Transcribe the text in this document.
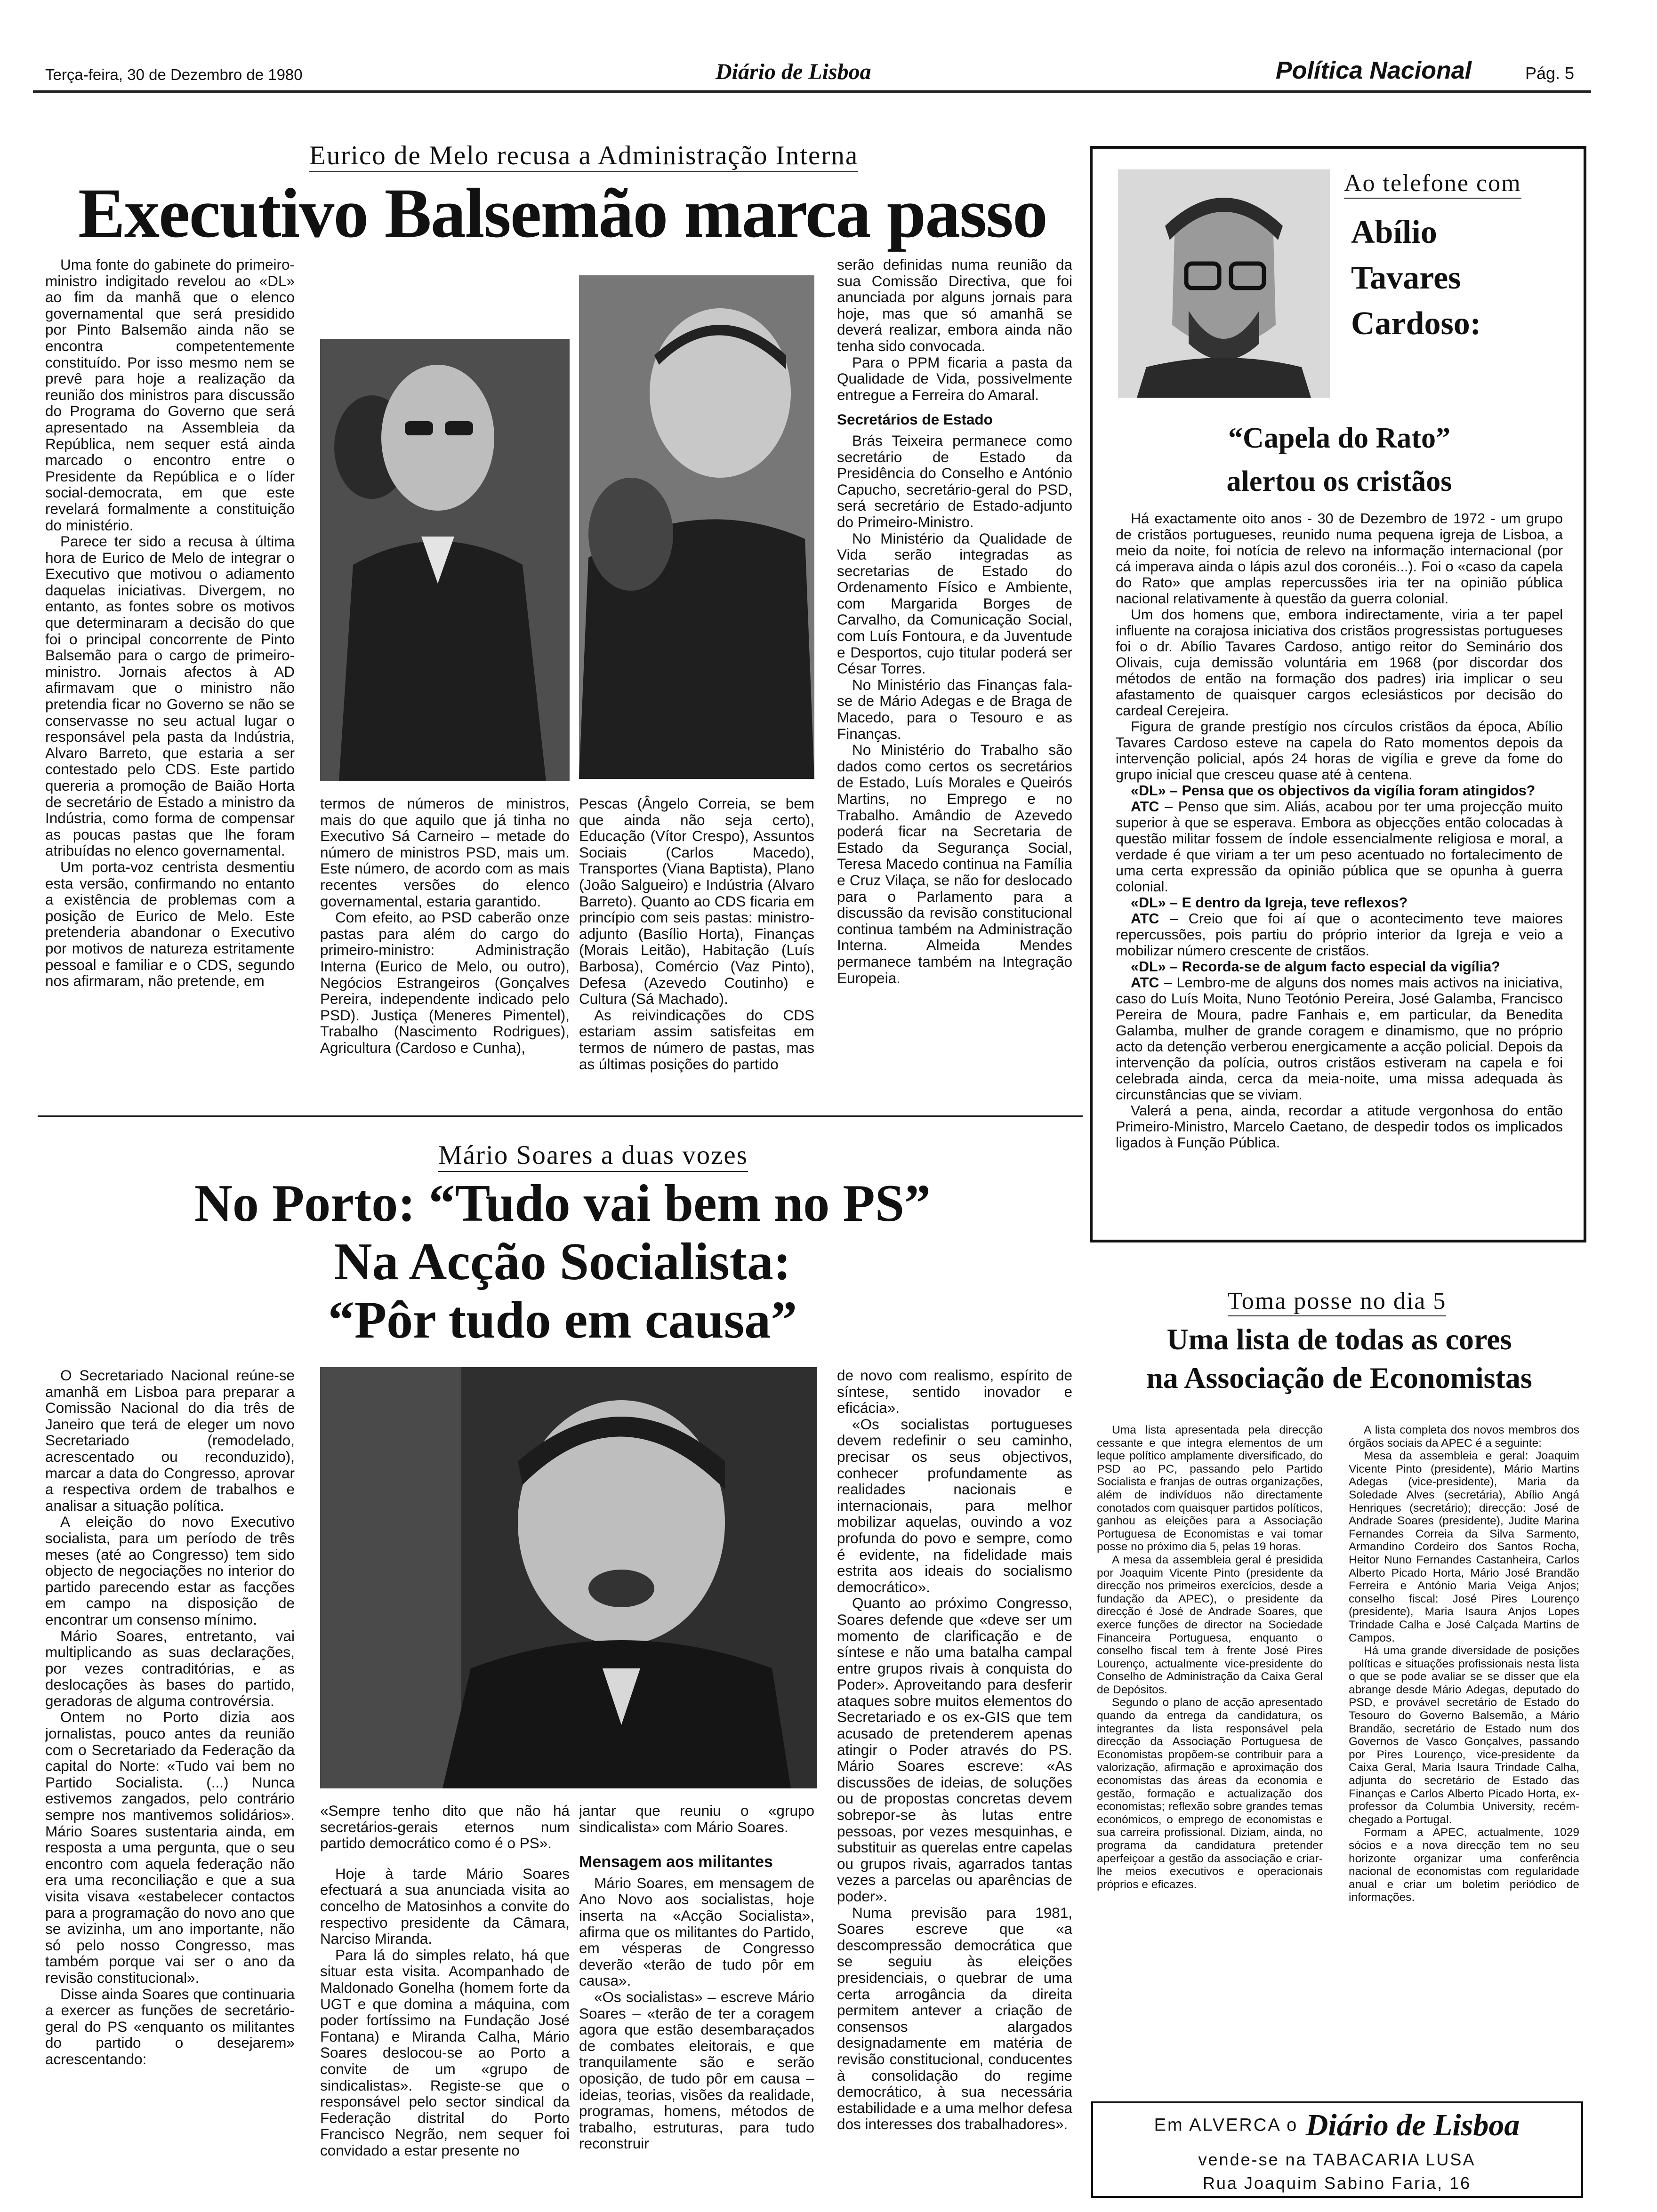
Terça-feira, 30 de Dezembro de 1980	Diário de Lisboa	Política Nacional	Pág. 5
Eurico de Melo recusa a Administração Interna
Executivo Balsemão marca passo

Uma fonte do gabinete do primeiro-ministro indigitado revelou ao «DL» ao fim da manhã que o elenco governamental que será presidido por Pinto Balsemão ainda não se encontra competentemente constituído. Por isso mesmo nem se prevê para hoje a realização da reunião dos ministros para discussão do Programa do Governo que será apresentado na Assembleia da República, nem sequer está ainda marcado o encontro entre o Presidente da República e o líder social-democrata, em que este revelará formalmente a constituição do ministério.

Parece ter sido a recusa à última hora de Eurico de Melo de integrar o Executivo que motivou o adiamento daquelas iniciativas. Divergem, no entanto, as fontes sobre os motivos que determinaram a decisão do que foi o principal concorrente de Pinto Balsemão para o cargo de primeiro-ministro. Jornais afectos à AD afirmavam que o ministro não pretendia ficar no Governo se não se conservasse no seu actual lugar o responsável pela pasta da Indústria, Alvaro Barreto, que estaria a ser contestado pelo CDS. Este partido quereria a promoção de Baião Horta de secretário de Estado a ministro da Indústria, como forma de compensar as poucas pastas que lhe foram atribuídas no elenco governamental.

Um porta-voz centrista desmentiu esta versão, confirmando no entanto a existência de problemas com a posição de Eurico de Melo. Este pretenderia abandonar o Executivo por motivos de natureza estritamente pessoal e familiar e o CDS, segundo nos afirmaram, não pretende, em

termos de números de ministros, mais do que aquilo que já tinha no Executivo Sá Carneiro – metade do número de ministros PSD, mais um. Este número, de acordo com as mais recentes versões do elenco governamental, estaria garantido.

Com efeito, ao PSD caberão onze pastas para além do cargo do primeiro-ministro: Administração Interna (Eurico de Melo, ou outro), Negócios Estrangeiros (Gonçalves Pereira, independente indicado pelo PSD). Justiça (Meneres Pimentel), Trabalho (Nascimento Rodrigues), Agricultura (Cardoso e Cunha),

Pescas (Ângelo Correia, se bem que ainda não seja certo), Educação (Vítor Crespo), Assuntos Sociais (Carlos Macedo), Transportes (Viana Baptista), Plano (João Salgueiro) e Indústria (Alvaro Barreto). Quanto ao CDS ficaria em princípio com seis pastas: ministro-adjunto (Basílio Horta), Finanças (Morais Leitão), Habitação (Luís Barbosa), Comércio (Vaz Pinto), Defesa (Azevedo Coutinho) e Cultura (Sá Machado).

As reivindicações do CDS estariam assim satisfeitas em termos de número de pastas, mas as últimas posições do partido

serão definidas numa reunião da sua Comissão Directiva, que foi anunciada por alguns jornais para hoje, mas que só amanhã se deverá realizar, embora ainda não tenha sido convocada.

Para o PPM ficaria a pasta da Qualidade de Vida, possivelmente entregue a Ferreira do Amaral.

Secretários de Estado

Brás Teixeira permanece como secretário de Estado da Presidência do Conselho e António Capucho, secretário-geral do PSD, será secretário de Estado-adjunto do Primeiro-Ministro.

No Ministério da Qualidade de Vida serão integradas as secretarias de Estado do Ordenamento Físico e Ambiente, com Margarida Borges de Carvalho, da Comunicação Social, com Luís Fontoura, e da Juventude e Desportos, cujo titular poderá ser César Torres.

No Ministério das Finanças fala-se de Mário Adegas e de Braga de Macedo, para o Tesouro e as Finanças.

No Ministério do Trabalho são dados como certos os secretários de Estado, Luís Morales e Queirós Martins, no Emprego e no Trabalho. Amândio de Azevedo poderá ficar na Secretaria de Estado da Segurança Social, Teresa Macedo continua na Família e Cruz Vilaça, se não for deslocado para o Parlamento para a discussão da revisão constitucional continua também na Administração Interna. Almeida Mendes permanece também na Integração Europeia.

Ao telefone com
Abílio
Tavares
Cardoso:
“Capela do Rato”
alertou os cristãos

Há exactamente oito anos - 30 de Dezembro de 1972 - um grupo de cristãos portugueses, reunido numa pequena igreja de Lisboa, a meio da noite, foi notícia de relevo na informação internacional (por cá imperava ainda o lápis azul dos coronéis...). Foi o «caso da capela do Rato» que amplas repercussões iria ter na opinião pública nacional relativamente à questão da guerra colonial.

Um dos homens que, embora indirectamente, viria a ter papel influente na corajosa iniciativa dos cristãos progressistas portugueses foi o dr. Abílio Tavares Cardoso, antigo reitor do Seminário dos Olivais, cuja demissão voluntária em 1968 (por discordar dos métodos de então na formação dos padres) iria implicar o seu afastamento de quaisquer cargos eclesiásticos por decisão do cardeal Cerejeira.

Figura de grande prestígio nos círculos cristãos da época, Abílio Tavares Cardoso esteve na capela do Rato momentos depois da intervenção policial, após 24 horas de vigília e greve da fome do grupo inicial que cresceu quase até à centena.

«DL» – Pensa que os objectivos da vigília foram atingidos?

ATC – Penso que sim. Aliás, acabou por ter uma projecção muito superior à que se esperava. Embora as objecções então colocadas à questão militar fossem de índole essencialmente religiosa e moral, a verdade é que viriam a ter um peso acentuado no fortalecimento de uma certa expressão da opinião pública que se opunha à guerra colonial.

«DL» – E dentro da Igreja, teve reflexos?

ATC – Creio que foi aí que o acontecimento teve maiores repercussões, pois partiu do próprio interior da Igreja e veio a mobilizar número crescente de cristãos.

«DL» – Recorda-se de algum facto especial da vigília?

ATC – Lembro-me de alguns dos nomes mais activos na iniciativa, caso do Luís Moita, Nuno Teotónio Pereira, José Galamba, Francisco Pereira de Moura, padre Fanhais e, em particular, da Benedita Galamba, mulher de grande coragem e dinamismo, que no próprio acto da detenção verberou energicamente a acção policial. Depois da intervenção da polícia, outros cristãos estiveram na capela e foi celebrada ainda, cerca da meia-noite, uma missa adequada às circunstâncias que se viviam.

Valerá a pena, ainda, recordar a atitude vergonhosa do então Primeiro-Ministro, Marcelo Caetano, de despedir todos os implicados ligados à Função Pública.

Mário Soares a duas vozes
No Porto: “Tudo vai bem no PS”
Na Acção Socialista:
“Pôr tudo em causa”

O Secretariado Nacional reúne-se amanhã em Lisboa para preparar a Comissão Nacional do dia três de Janeiro que terá de eleger um novo Secretariado (remodelado, acrescentado ou reconduzido), marcar a data do Congresso, aprovar a respectiva ordem de trabalhos e analisar a situação política.

A eleição do novo Executivo socialista, para um período de três meses (até ao Congresso) tem sido objecto de negociações no interior do partido parecendo estar as facções em campo na disposição de encontrar um consenso mínimo.

Mário Soares, entretanto, vai multiplicando as suas declarações, por vezes contraditórias, e as deslocações às bases do partido, geradoras de alguma controvérsia.

Ontem no Porto dizia aos jornalistas, pouco antes da reunião com o Secretariado da Federação da capital do Norte: «Tudo vai bem no Partido Socialista. (...) Nunca estivemos zangados, pelo contrário sempre nos mantivemos solidários». Mário Soares sustentaria ainda, em resposta a uma pergunta, que o seu encontro com aquela federação não era uma reconciliação e que a sua visita visava «estabelecer contactos para a programação do novo ano que se avizinha, um ano importante, não só pelo nosso Congresso, mas também porque vai ser o ano da revisão constitucional».

Disse ainda Soares que continuaria a exercer as funções de secretário-geral do PS «enquanto os militantes do partido o desejarem» acrescentando:

«Sempre tenho dito que não há secretários-gerais eternos num partido democrático como é o PS».

Hoje à tarde Mário Soares efectuará a sua anunciada visita ao concelho de Matosinhos a convite do respectivo presidente da Câmara, Narciso Miranda.

Para lá do simples relato, há que situar esta visita. Acompanhado de Maldonado Gonelha (homem forte da UGT e que domina a máquina, com poder fortíssimo na Fundação José Fontana) e Miranda Calha, Mário Soares deslocou-se ao Porto a convite de um «grupo de sindicalistas». Registe-se que o responsável pelo sector sindical da Federação distrital do Porto Francisco Negrão, nem sequer foi convidado a estar presente no

jantar que reuniu o «grupo sindicalista» com Mário Soares.

Mensagem aos militantes

Mário Soares, em mensagem de Ano Novo aos socialistas, hoje inserta na «Acção Socialista», afirma que os militantes do Partido, em vésperas de Congresso deverão «terão de tudo pôr em causa».

«Os socialistas» – escreve Mário Soares – «terão de ter a coragem agora que estão desembaraçados de combates eleitorais, e que tranquilamente são e serão oposição, de tudo pôr em causa – ideias, teorias, visões da realidade, programas, homens, métodos de trabalho, estruturas, para tudo reconstruir

de novo com realismo, espírito de síntese, sentido inovador e eficácia».

«Os socialistas portugueses devem redefinir o seu caminho, precisar os seus objectivos, conhecer profundamente as realidades nacionais e internacionais, para melhor mobilizar aquelas, ouvindo a voz profunda do povo e sempre, como é evidente, na fidelidade mais estrita aos ideais do socialismo democrático».

Quanto ao próximo Congresso, Soares defende que «deve ser um momento de clarificação e de síntese e não uma batalha campal entre grupos rivais à conquista do Poder». Aproveitando para desferir ataques sobre muitos elementos do Secretariado e os ex-GIS que tem acusado de pretenderem apenas atingir o Poder através do PS. Mário Soares escreve: «As discussões de ideias, de soluções ou de propostas concretas devem sobrepor-se às lutas entre pessoas, por vezes mesquinhas, e substituir as querelas entre capelas ou grupos rivais, agarrados tantas vezes a parcelas ou aparências de poder».

Numa previsão para 1981, Soares escreve que «a descompressão democrática que se seguiu às eleições presidenciais, o quebrar de uma certa arrogância da direita permitem antever a criação de consensos alargados designadamente em matéria de revisão constitucional, conducentes à consolidação do regime democrático, à sua necessária estabilidade e a uma melhor defesa dos interesses dos trabalhadores».

Toma posse no dia 5
Uma lista de todas as cores
na Associação de Economistas

Uma lista apresentada pela direcção cessante e que integra elementos de um leque político amplamente diversificado, do PSD ao PC, passando pelo Partido Socialista e franjas de outras organizações, além de indivíduos não directamente conotados com quaisquer partidos políticos, ganhou as eleições para a Associação Portuguesa de Economistas e vai tomar posse no próximo dia 5, pelas 19 horas.

A mesa da assembleia geral é presidida por Joaquim Vicente Pinto (presidente da direcção nos primeiros exercícios, desde a fundação da APEC), o presidente da direcção é José de Andrade Soares, que exerce funções de director na Sociedade Financeira Portuguesa, enquanto o conselho fiscal tem à frente José Pires Lourenço, actualmente vice-presidente do Conselho de Administração da Caixa Geral de Depósitos.

Segundo o plano de acção apresentado quando da entrega da candidatura, os integrantes da lista responsável pela direcção da Associação Portuguesa de Economistas propõem-se contribuir para a valorização, afirmação e aproximação dos economistas das áreas da economia e gestão, formação e actualização dos economistas; reflexão sobre grandes temas económicos, o emprego de economistas e sua carreira profissional. Diziam, ainda, no programa da candidatura pretender aperfeiçoar a gestão da associação e criar-lhe meios executivos e operacionais próprios e eficazes.

A lista completa dos novos membros dos órgãos sociais da APEC é a seguinte:

Mesa da assembleia e geral: Joaquim Vicente Pinto (presidente), Mário Martins Adegas (vice-presidente), Maria da Soledade Alves (secretária), Abílio Angá Henriques (secretário); direcção: José de Andrade Soares (presidente), Judite Marina Fernandes Correia da Silva Sarmento, Armandino Cordeiro dos Santos Rocha, Heitor Nuno Fernandes Castanheira, Carlos Alberto Picado Horta, Mário José Brandão Ferreira e António Maria Veiga Anjos; conselho fiscal: José Pires Lourenço (presidente), Maria Isaura Anjos Lopes Trindade Calha e José Calçada Martins de Campos.

Há uma grande diversidade de posições políticas e situações profissionais nesta lista o que se pode avaliar se se disser que ela abrange desde Mário Adegas, deputado do PSD, e provável secretário de Estado do Tesouro do Governo Balsemão, a Mário Brandão, secretário de Estado num dos Governos de Vasco Gonçalves, passando por Pires Lourenço, vice-presidente da Caixa Geral, Maria Isaura Trindade Calha, adjunta do secretário de Estado das Finanças e Carlos Alberto Picado Horta, ex-professor da Columbia University, recém-chegado a Portugal.

Formam a APEC, actualmente, 1029 sócios e a nova direcção tem no seu horizonte organizar uma conferência nacional de economistas com regularidade anual e criar um boletim periódico de informações.

Em ALVERCA o Diário de Lisboa
vende-se na TABACARIA LUSA
Rua Joaquim Sabino Faria, 16
